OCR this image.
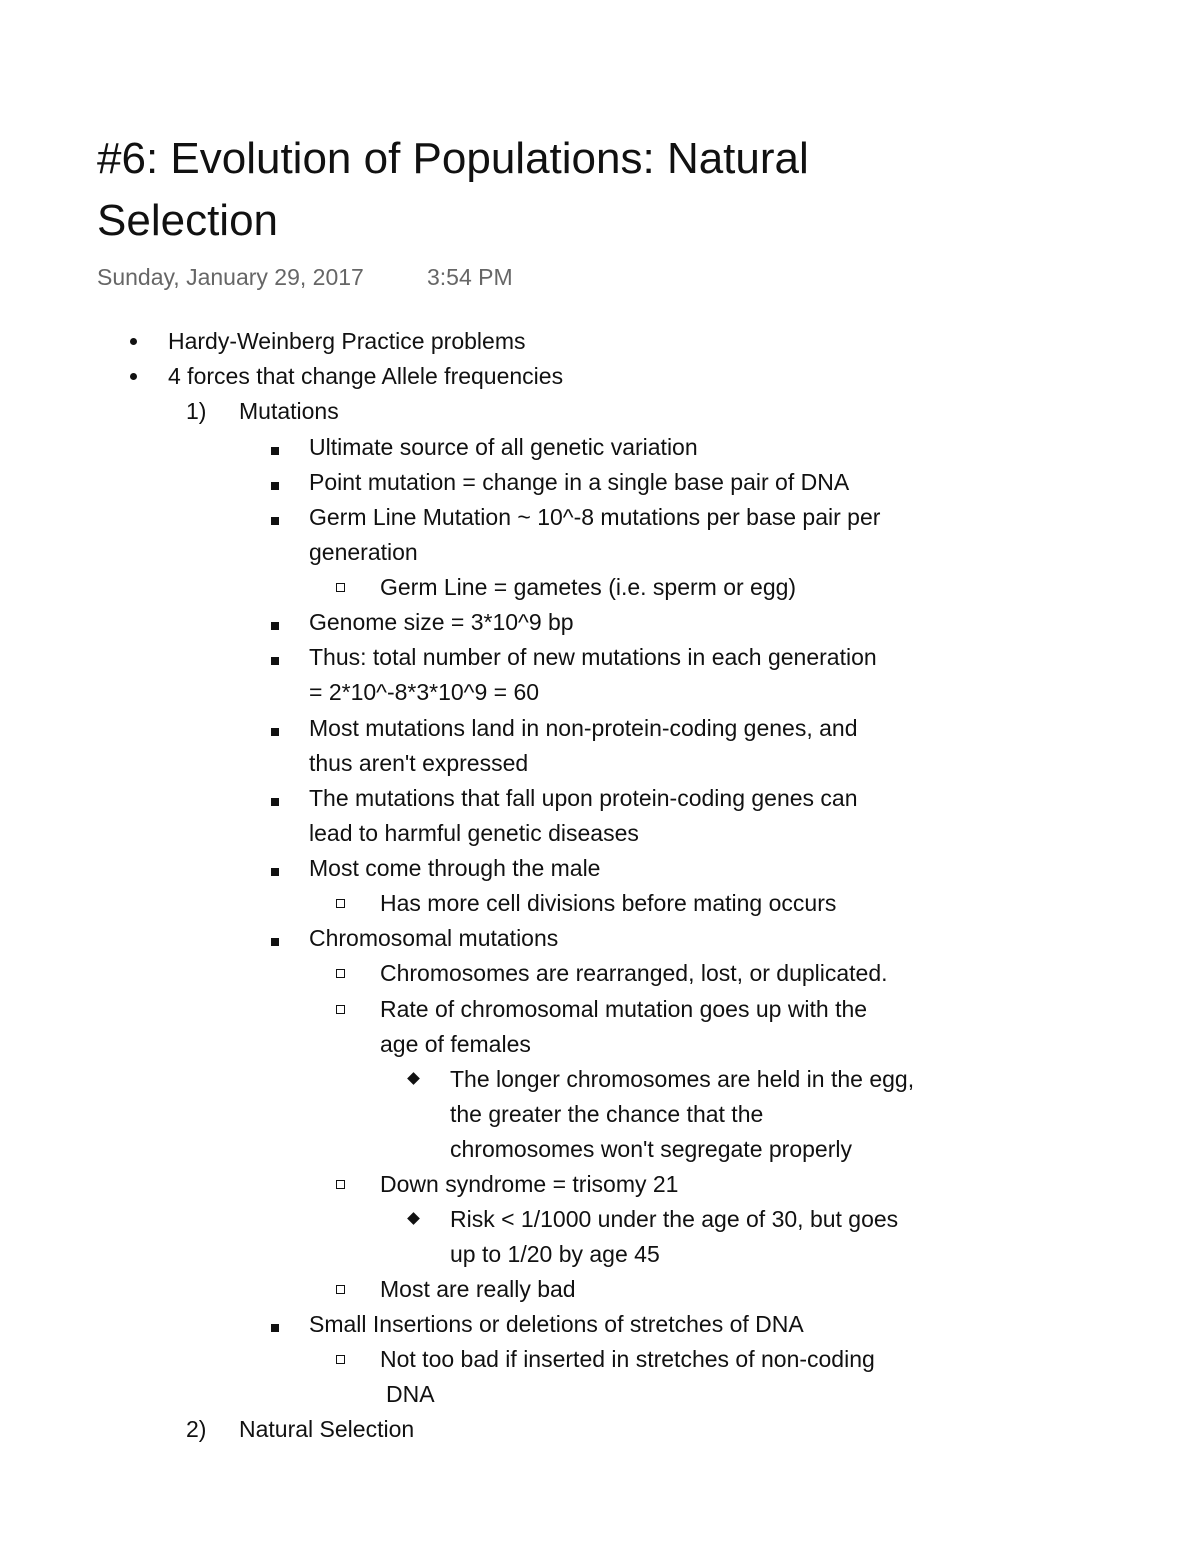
#6: Evolution of Populations: Natural
Selection
Sunday, January 29, 2017	3:54 PM
Hardy-Weinberg Practice problems
4 forces that change Allele frequencies
1) Mutations
Ultimate source of all genetic variation
Point mutation = change in a single base pair of DNA
Germ Line Mutation ~ 10^-8 mutations per base pair per
generation
Germ Line = gametes (i.e. sperm or egg)
Genome size = 3*10^9 bp
Thus: total number of new mutations in each generation
= 2*10^-8*3*10^9 = 60
Most mutations land in non-protein-coding genes, and
thus aren't expressed
The mutations that fall upon protein-coding genes can
lead to harmful genetic diseases
Most come through the male
Has more cell divisions before mating occurs
Chromosomal mutations
Chromosomes are rearranged, lost, or duplicated.
Rate of chromosomal mutation goes up with the
age of females
The longer chromosomes are held in the egg,
the greater the chance that the
chromosomes won't segregate properly
Down syndrome = trisomy 21
Risk < 1/1000 under the age of 30, but goes
up to 1/20 by age 45
Most are really bad
Small Insertions or deletions of stretches of DNA
Not too bad if inserted in stretches of non-coding
DNA
2) Natural Selection
